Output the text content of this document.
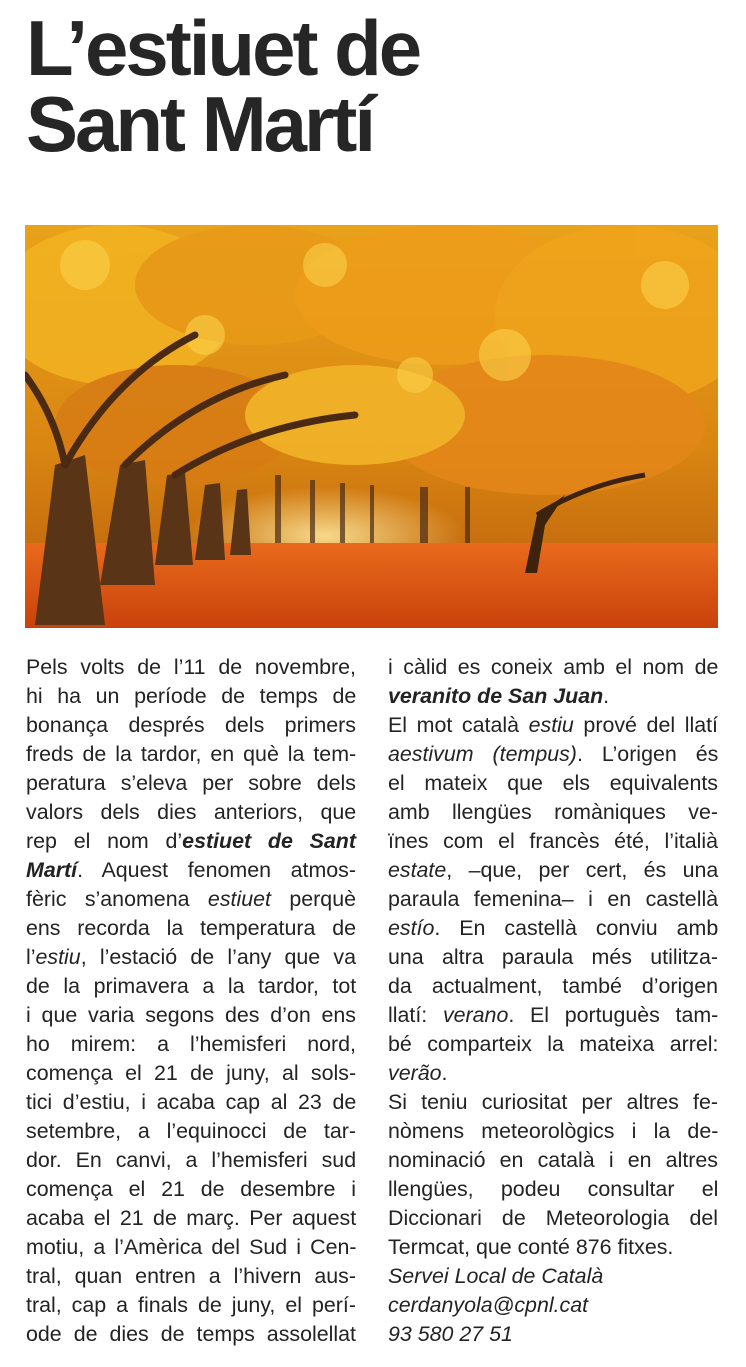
L’estiuet de
Sant Martí
Pels volts de l’11 de novembre,
hi ha un període de temps de
bonança després dels primers
freds de la tardor, en què la tem-
peratura s’eleva per sobre dels
valors dels dies anteriors, que
rep el nom d’estiuet de Sant
Martí. Aquest fenomen atmos-
fèric s’anomena estiuet perquè
ens recorda la temperatura de
l’estiu, l’estació de l’any que va
de la primavera a la tardor, tot
i que varia segons des d’on ens
ho mirem: a l’hemisferi nord,
comença el 21 de juny, al sols-
tici d’estiu, i acaba cap al 23 de
setembre, a l’equinocci de tar-
dor. En canvi, a l’hemisferi sud
comença el 21 de desembre i
acaba el 21 de març. Per aquest
motiu, a l’Amèrica del Sud i Cen-
tral, quan entren a l’hivern aus-
tral, cap a finals de juny, el perí-
ode de dies de temps assolellat
i càlid es coneix amb el nom de
veranito de San Juan.
El mot català estiu prové del llatí
aestivum (tempus). L’origen és
el mateix que els equivalents
amb llengües romàniques ve-
ïnes com el francès été, l’italià
estate, –que, per cert, és una
paraula femenina– i en castellà
estío. En castellà conviu amb
una altra paraula més utilitza-
da actualment, també d’origen
llatí: verano. El portuguès tam-
bé comparteix la mateixa arrel:
verão.
Si teniu curiositat per altres fe-
nòmens meteorològics i la de-
nominació en català i en altres
llengües, podeu consultar el
Diccionari de Meteorologia del
Termcat, que conté 876 fitxes.
Servei Local de Català
cerdanyola@cpnl.cat
93 580 27 51
